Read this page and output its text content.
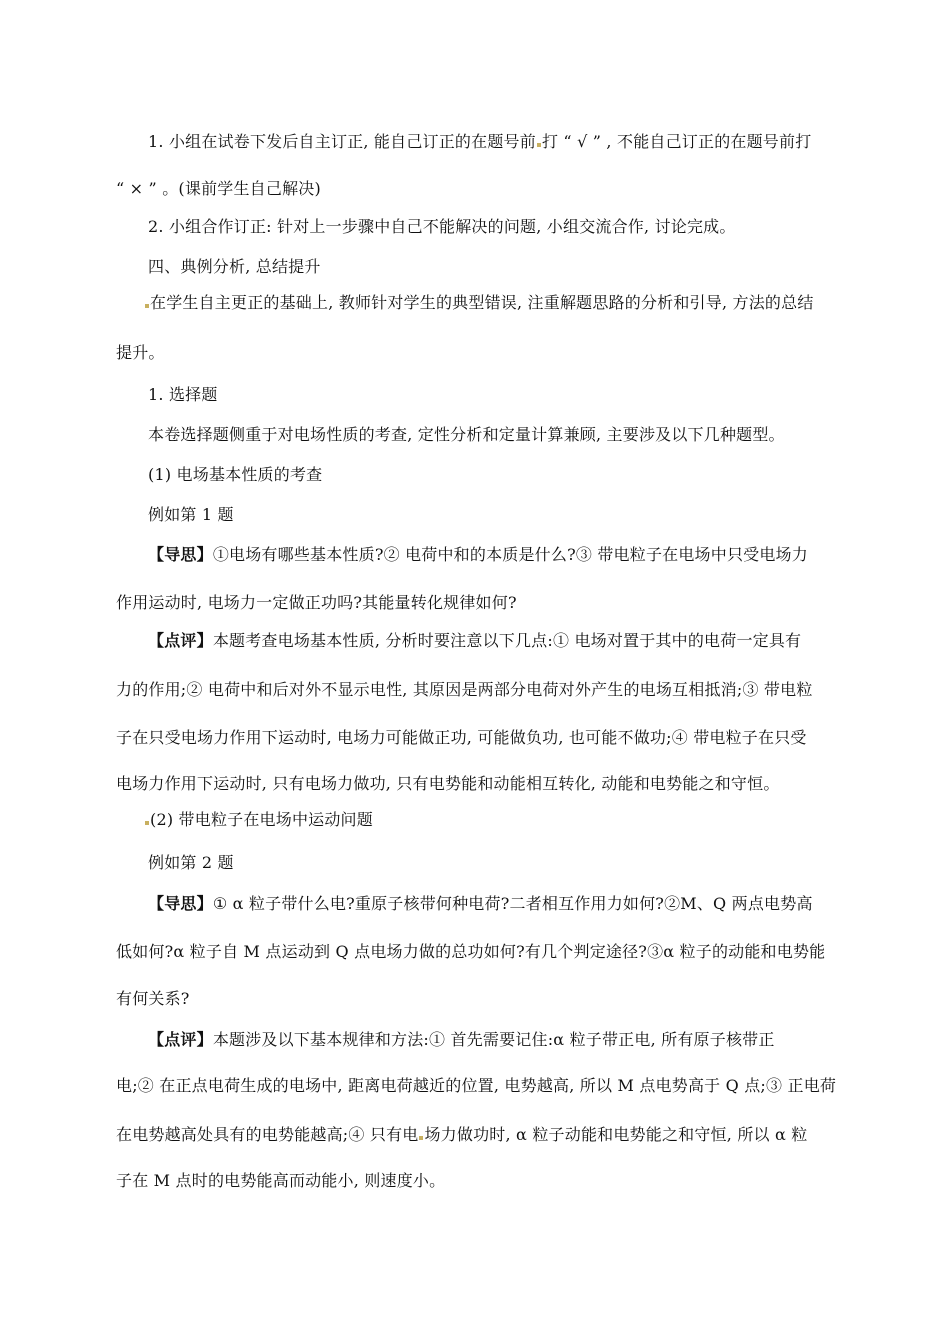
1. 小组在试卷下发后自主订正, 能自己订正的在题号前 打 “ √ ” , 不能自己订正的在题号前打
“ × ” 。(课前学生自己解决)
2. 小组合作订正: 针对上一步骤中自己不能解决的问题, 小组交流合作, 讨论完成。
四、典例分析, 总结提升
在学生自主更正的基础上, 教师针对学生的典型错误, 注重解题思路的分析和引导, 方法的总结
提升。
1. 选择题
本卷选择题侧重于对电场性质的考查, 定性分析和定量计算兼顾, 主要涉及以下几种题型。
(1) 电场基本性质的考查
例如第 1 题
【导思】①电场有哪些基本性质?② 电荷中和的本质是什么?③ 带电粒子在电场中只受电场力
作用运动时, 电场力一定做正功吗?其能量转化规律如何?
【点评】本题考查电场基本性质, 分析时要注意以下几点:① 电场对置于其中的电荷一定具有
力的作用;② 电荷中和后对外不显示电性, 其原因是两部分电荷对外产生的电场互相抵消;③ 带电粒
子在只受电场力作用下运动时, 电场力可能做正功, 可能做负功, 也可能不做功;④ 带电粒子在只受
电场力作用下运动时, 只有电场力做功, 只有电势能和动能相互转化, 动能和电势能之和守恒。
(2) 带电粒子在电场中运动问题
例如第 2 题
【导思】① α 粒子带什么电?重原子核带何种电荷?二者相互作用力如何?②M、Q 两点电势高
低如何?α 粒子自 M 点运动到 Q 点电场力做的总功如何?有几个判定途径?③α 粒子的动能和电势能
有何关系?
【点评】本题涉及以下基本规律和方法:① 首先需要记住:α 粒子带正电, 所有原子核带正
电;② 在正点电荷生成的电场中, 距离电荷越近的位置, 电势越高, 所以 M 点电势高于 Q 点;③ 正电荷
在电势越高处具有的电势能越高;④ 只有电 场力做功时, α 粒子动能和电势能之和守恒, 所以 α 粒
子在 M 点时的电势能高而动能小, 则速度小。
